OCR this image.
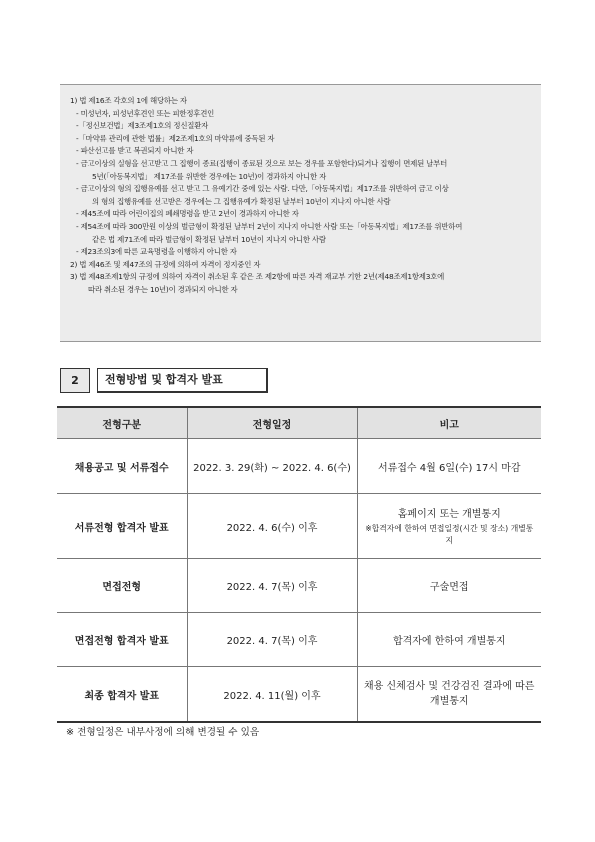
1) 법 제16조 각호의 1에 해당하는 자
- 미성년자, 피성년후견인 또는 피한정후견인
-「정신보건법」제3조제1호의 정신질환자
-「마약류 관리에 관한 법률」제2조제1호의 마약류에 중독된 자
- 파산선고를 받고 복권되지 아니한 자
- 금고이상의 실형을 선고받고 그 집행이 종료(집행이 종료된 것으로 보는 경우를 포함한다)되거나 집행이 면제된 날부터
5년(「아동복지법」 제17조를 위반한 경우에는 10년)이 경과하지 아니한 자
- 금고이상의 형의 집행유예를 선고 받고 그 유예기간 중에 있는 사람. 다만,「아동복지법」제17조를 위반하여 금고 이상
의 형의 집행유예를 선고받은 경우에는 그 집행유예가 확정된 날부터 10년이 지나지 아니한 사람
- 제45조에 따라 어린이집의 폐쇄명령을 받고 2년이 경과하지 아니한 자
- 제54조에 따라 300만원 이상의 벌금형이 확정된 날부터 2년이 지나지 아니한 사람 또는「아동복지법」제17조를 위반하여
같은 법 제71조에 따라 벌금형이 확정된 날부터 10년이 지나지 아니한 사람
- 제23조의3에 따른 교육명령을 이행하지 아니한 자
2) 법 제46조 및 제47조의 규정에 의하여 자격이 정지중인 자
3) 법 제48조제1항의 규정에 의하여 자격이 취소된 후 같은 조 제2항에 따른 자격 재교부 기한 2년(제48조제1항제3호에
따라 취소된 경우는 10년)이 경과되지 아니한 자
2	전형방법 및 합격자 발표
전형구분	전형일정	비고
채용공고 및 서류접수	2022. 3. 29(화) ~ 2022. 4. 6(수)	서류접수 4월 6일(수) 17시 마감

서류전형 합격자 발표	2022. 4. 6(수) 이후	홈페이지 또는 개별통지
※합격자에 한하여 면접일정(시간 및 장소) 개별통지

면접전형	2022. 4. 7(목) 이후	구술면접

면접전형 합격자 발표	2022. 4. 7(목) 이후	합격자에 한하여 개별통지

최종 합격자 발표	2022. 4. 11(월) 이후	채용 신체검사 및 건강검진 결과에 따른 개별통지
※ 전형일정은 내부사정에 의해 변경될 수 있음
